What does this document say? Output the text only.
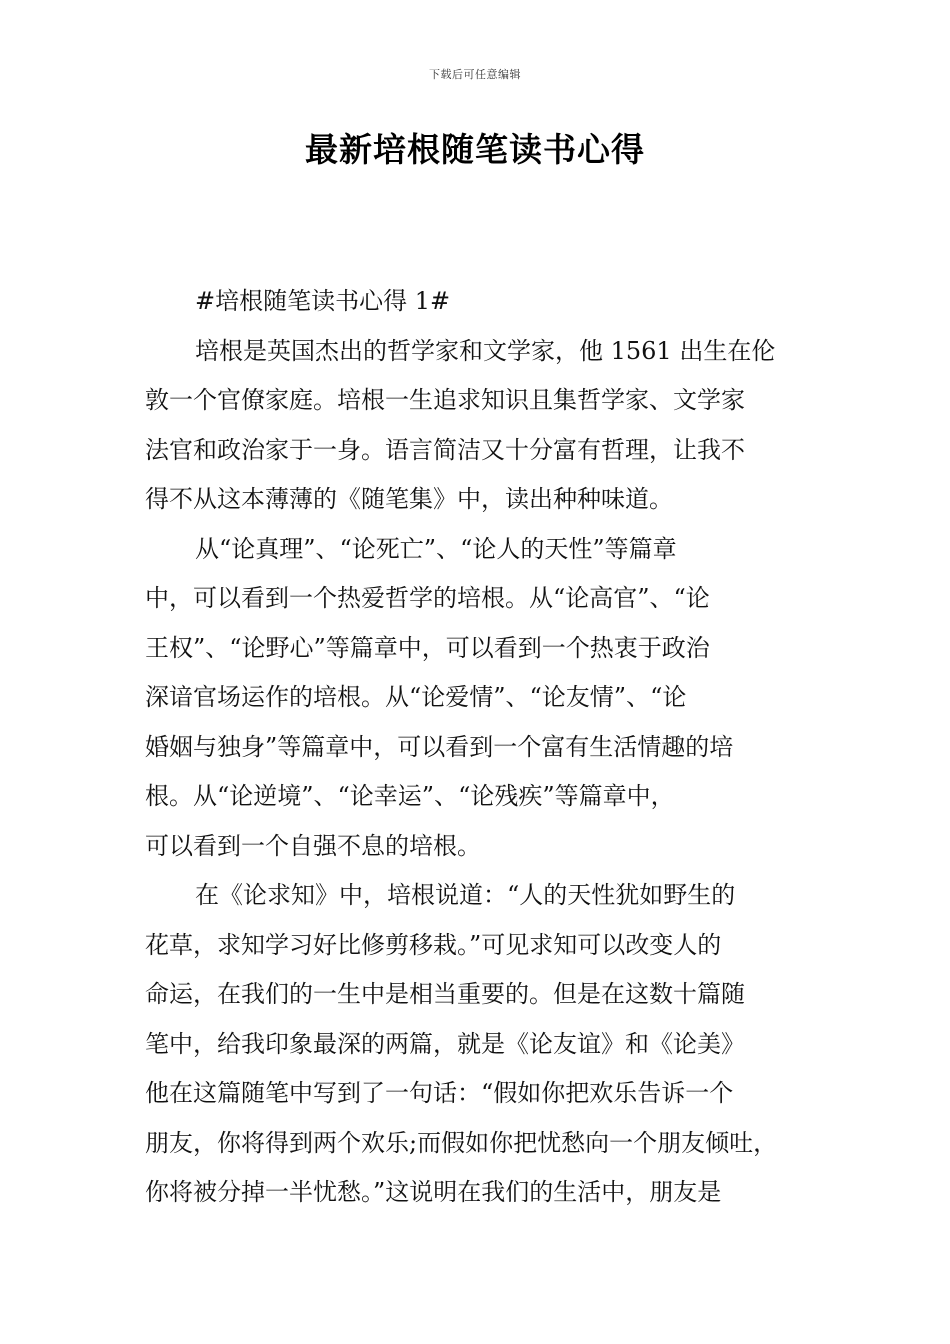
下载后可任意编辑
最新培根随笔读书心得
#培根随笔读书心得 1#
培根是英国杰出的哲学家和文学家，他 1561 出生在伦
敦一个官僚家庭。培根一生追求知识且集哲学家、文学家
法官和政治家于一身。语言简洁又十分富有哲理，让我不
得不从这本薄薄的《随笔集》中，读出种种味道。
从“论真理”、“论死亡”、“论人的天性”等篇章
中，可以看到一个热爱哲学的培根。从“论高官”、“论
王权”、“论野心”等篇章中，可以看到一个热衷于政治
深谙官场运作的培根。从“论爱情”、“论友情”、“论
婚姻与独身”等篇章中，可以看到一个富有生活情趣的培
根。从“论逆境”、“论幸运”、“论残疾”等篇章中，
可以看到一个自强不息的培根。
在《论求知》中，培根说道：“人的天性犹如野生的
花草，求知学习好比修剪移栽。”可见求知可以改变人的
命运，在我们的一生中是相当重要的。但是在这数十篇随
笔中，给我印象最深的两篇，就是《论友谊》和《论美》
他在这篇随笔中写到了一句话：“假如你把欢乐告诉一个
朋友，你将得到两个欢乐;而假如你把忧愁向一个朋友倾吐，
你将被分掉一半忧愁。”这说明在我们的生活中，朋友是
